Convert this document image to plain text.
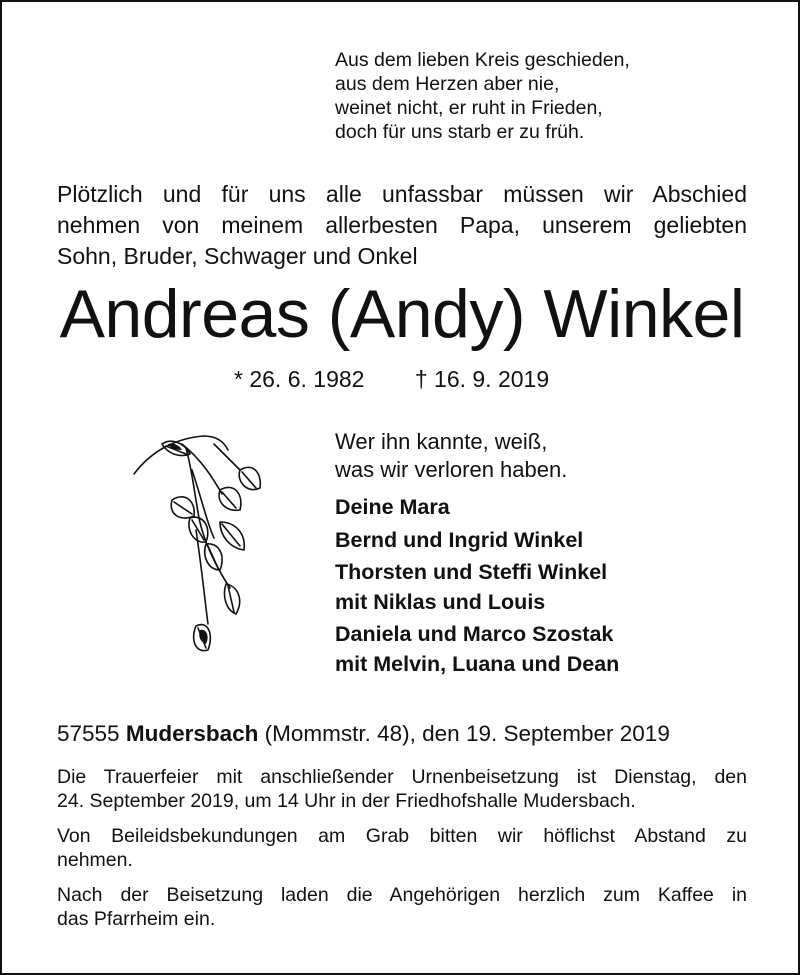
Aus dem lieben Kreis geschieden,
aus dem Herzen aber nie,
weinet nicht, er ruht in Frieden,
doch für uns starb er zu früh.
Plötzlich und für uns alle unfassbar müssen wir Abschied
nehmen von meinem allerbesten Papa, unserem geliebten
Sohn, Bruder, Schwager und Onkel
Andreas (Andy) Winkel
* 26. 6. 1982 † 16. 9. 2019
Wer ihn kannte, weiß,
was wir verloren haben.
Deine Mara
Bernd und Ingrid Winkel
Thorsten und Steffi Winkel
mit Niklas und Louis
Daniela und Marco Szostak
mit Melvin, Luana und Dean
57555 Mudersbach (Mommstr. 48), den 19. September 2019
Die Trauerfeier mit anschließender Urnenbeisetzung ist Dienstag, den
24. September 2019, um 14 Uhr in der Friedhofshalle Mudersbach.
Von Beileidsbekundungen am Grab bitten wir höflichst Abstand zu
nehmen.
Nach der Beisetzung laden die Angehörigen herzlich zum Kaffee in
das Pfarrheim ein.
